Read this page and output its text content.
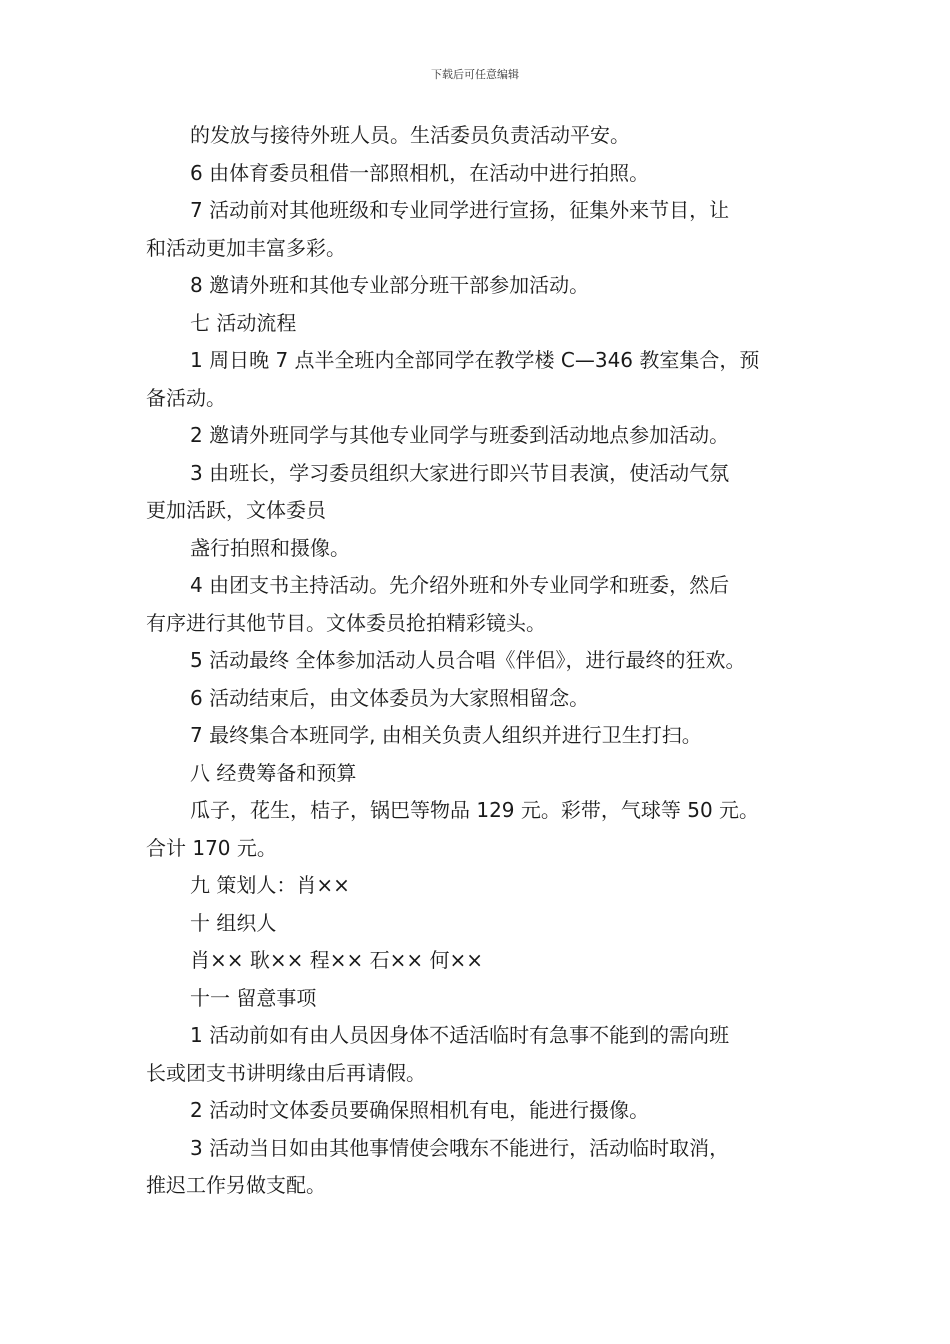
下载后可任意编辑

的发放与接待外班人员。生活委员负责活动平安。

6 由体育委员租借一部照相机，在活动中进行拍照。

7 活动前对其他班级和专业同学进行宣扬，征集外来节目，让

和活动更加丰富多彩。

8 邀请外班和其他专业部分班干部参加活动。

七 活动流程

1 周日晚 7 点半全班内全部同学在教学楼 C—346 教室集合，预

备活动。

2 邀请外班同学与其他专业同学与班委到活动地点参加活动。

3 由班长，学习委员组织大家进行即兴节目表演，使活动气氛

更加活跃，文体委员

盏行拍照和摄像。

4 由团支书主持活动。先介绍外班和外专业同学和班委，然后

有序进行其他节目。文体委员抢拍精彩镜头。

5 活动最终 全体参加活动人员合唱《伴侣》，进行最终的狂欢。

6 活动结束后，由文体委员为大家照相留念。

7 最终集合本班同学, 由相关负责人组织并进行卫生打扫。

八 经费筹备和预算

瓜子，花生，桔子，锅巴等物品 129 元。彩带，气球等 50 元。

合计 170 元。

九 策划人：肖××

十 组织人

肖×× 耿×× 程×× 石×× 何××

十一 留意事项

1 活动前如有由人员因身体不适活临时有急事不能到的需向班

长或团支书讲明缘由后再请假。

2 活动时文体委员要确保照相机有电，能进行摄像。

3 活动当日如由其他事情使会哦东不能进行，活动临时取消，

推迟工作另做支配。
